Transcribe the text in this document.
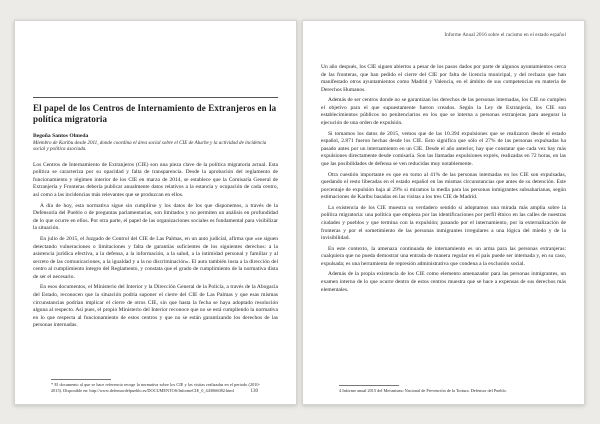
El papel de los Centros de Internamiento de Extranjeros en la política migratoria
Begoña Santos Olmeda
Miembro de Karibu desde 2011, donde coordina el área social sobre el CIE de Aluche y la actividad de incidencia social y política asociada.

Los Centros de Internamiento de Extranjeros (CIE) son una pieza clave de la política migratoria actual. Esta política se caracteriza por su opacidad y falta de transparencia. Desde la aprobación del reglamento de funcionamiento y régimen interior de los CIE en marzo de 2014, se establece que la Comisaría General de Extranjería y Fronteras debería publicar anualmente datos relativos a la estancia y ocupación de cada centro, así como a las incidencias más relevantes que se produzcan en ellos.

A día de hoy, esta normativa sigue sin cumplirse y los datos de los que disponemos, a través de la Defensoría del Pueblo o de preguntas parlamentarias, son limitados y no permiten un análisis en profundidad de lo que ocurre en ellos. Por otra parte, el papel de las organizaciones sociales es fundamental para visibilizar la situación.

En julio de 2015, el Juzgado de Control del CIE de Las Palmas, en un auto judicial, afirma que «se siguen detectando vulneraciones o limitaciones y falta de garantías suficientes de los siguientes derechos: a la asistencia jurídica efectiva, a la defensa, a la información, a la salud, a la intimidad personal y familiar y al secreto de las comunicaciones, a la igualdad y a la no discriminación». El auto también insta a la dirección del centro al cumplimiento íntegro del Reglamento, y constata que el grado de cumplimiento de la normativa dista de ser el necesario.

En esos documentos, el Ministerio del Interior y la Dirección General de la Policía, a través de la Abogacía del Estado, reconocen que la situación podría suponer el cierre del CIE de Las Palmas y que esas mismas circunstancias podrían implicar el cierre de otros CIE, sin que hasta la fecha se haya adoptado resolución alguna al respecto. Así pues, el propio Ministerio del Interior reconoce que no se está cumpliendo la normativa en lo que respecta al funcionamiento de estos centros y que no se están garantizando los derechos de las personas internadas.

* El documento al que se hace referencia recoge la normativa sobre los CIE y las visitas realizadas en el periodo (2010-2015). Disponible en: http://www.defensordelpueblo.es/DOCUMENTOS/InformeCIE_0_443066082.html	130
Informe Anual 2016 sobre el racismo en el estado español

Un año después, los CIE siguen abiertos a pesar de los pasos dados por parte de algunos ayuntamientos cerca de las fronteras, que han pedido el cierre del CIE por falta de licencia municipal, y del rechazo que han manifestado otros ayuntamientos como Madrid y Valencia, en el ámbito de sus competencias en materia de Derechos Humanos.

Además de ser centros donde no se garantizan los derechos de las personas internadas, los CIE no cumplen el objetivo para el que supuestamente fueron creados. Según la Ley de Extranjería, los CIE son establecimientos públicos no penitenciarios en los que se interna a personas extranjeras para asegurar la ejecución de una orden de expulsión.

Si tomamos los datos de 2015, vemos que de las 10.394 expulsiones que se realizaron desde el estado español, 2.871 fueron hechas desde los CIE. Esto significa que sólo el 27% de las personas expulsadas ha pasado antes por un internamiento en un CIE. Desde el año anterior, hay que constatar que cada vez hay más expulsiones directamente desde comisaría. Son las llamadas expulsiones exprés, realizadas en 72 horas, en las que las posibilidades de defensa se ven reducidas muy notablemente.

Otra cuestión importante es que en torno al 41% de las personas internadas en los CIE son expulsadas, quedando el resto liberadas en el estado español en las mismas circunstancias que antes de su detención. Este porcentaje de expulsión baja al 29% si miramos la media para las personas inmigrantes subsaharianas, según estimaciones de Karibu basadas en las visitas a los tres CIE de Madrid.

La existencia de los CIE muestra su verdadero sentido si adoptamos una mirada más amplia sobre la política migratoria: una política que empieza por las identificaciones por perfil étnico en las calles de nuestras ciudades y pueblos y que termina con la expulsión; pasando por el internamiento, por la externalización de fronteras y por el sometimiento de las personas inmigrantes irregulares a una lógica del miedo y de la invisibilidad.

En este contexto, la amenaza continuada de internamiento es un arma para las personas extranjeras: cualquiera que no pueda demostrar una entrada de manera regular en el país puede ser internada y, en su caso, expulsada; es una herramienta de represión administrativa que condena a la exclusión social.

Además de la propia existencia de los CIE como elemento amenazador para las personas inmigrantes, un examen interno de lo que ocurre dentro de estos centros muestra que se hace a expensas de sus derechos más elementales.

4 Informe anual 2015 del Mecanismo Nacional de Prevención de la Tortura. Defensor del Pueblo.
